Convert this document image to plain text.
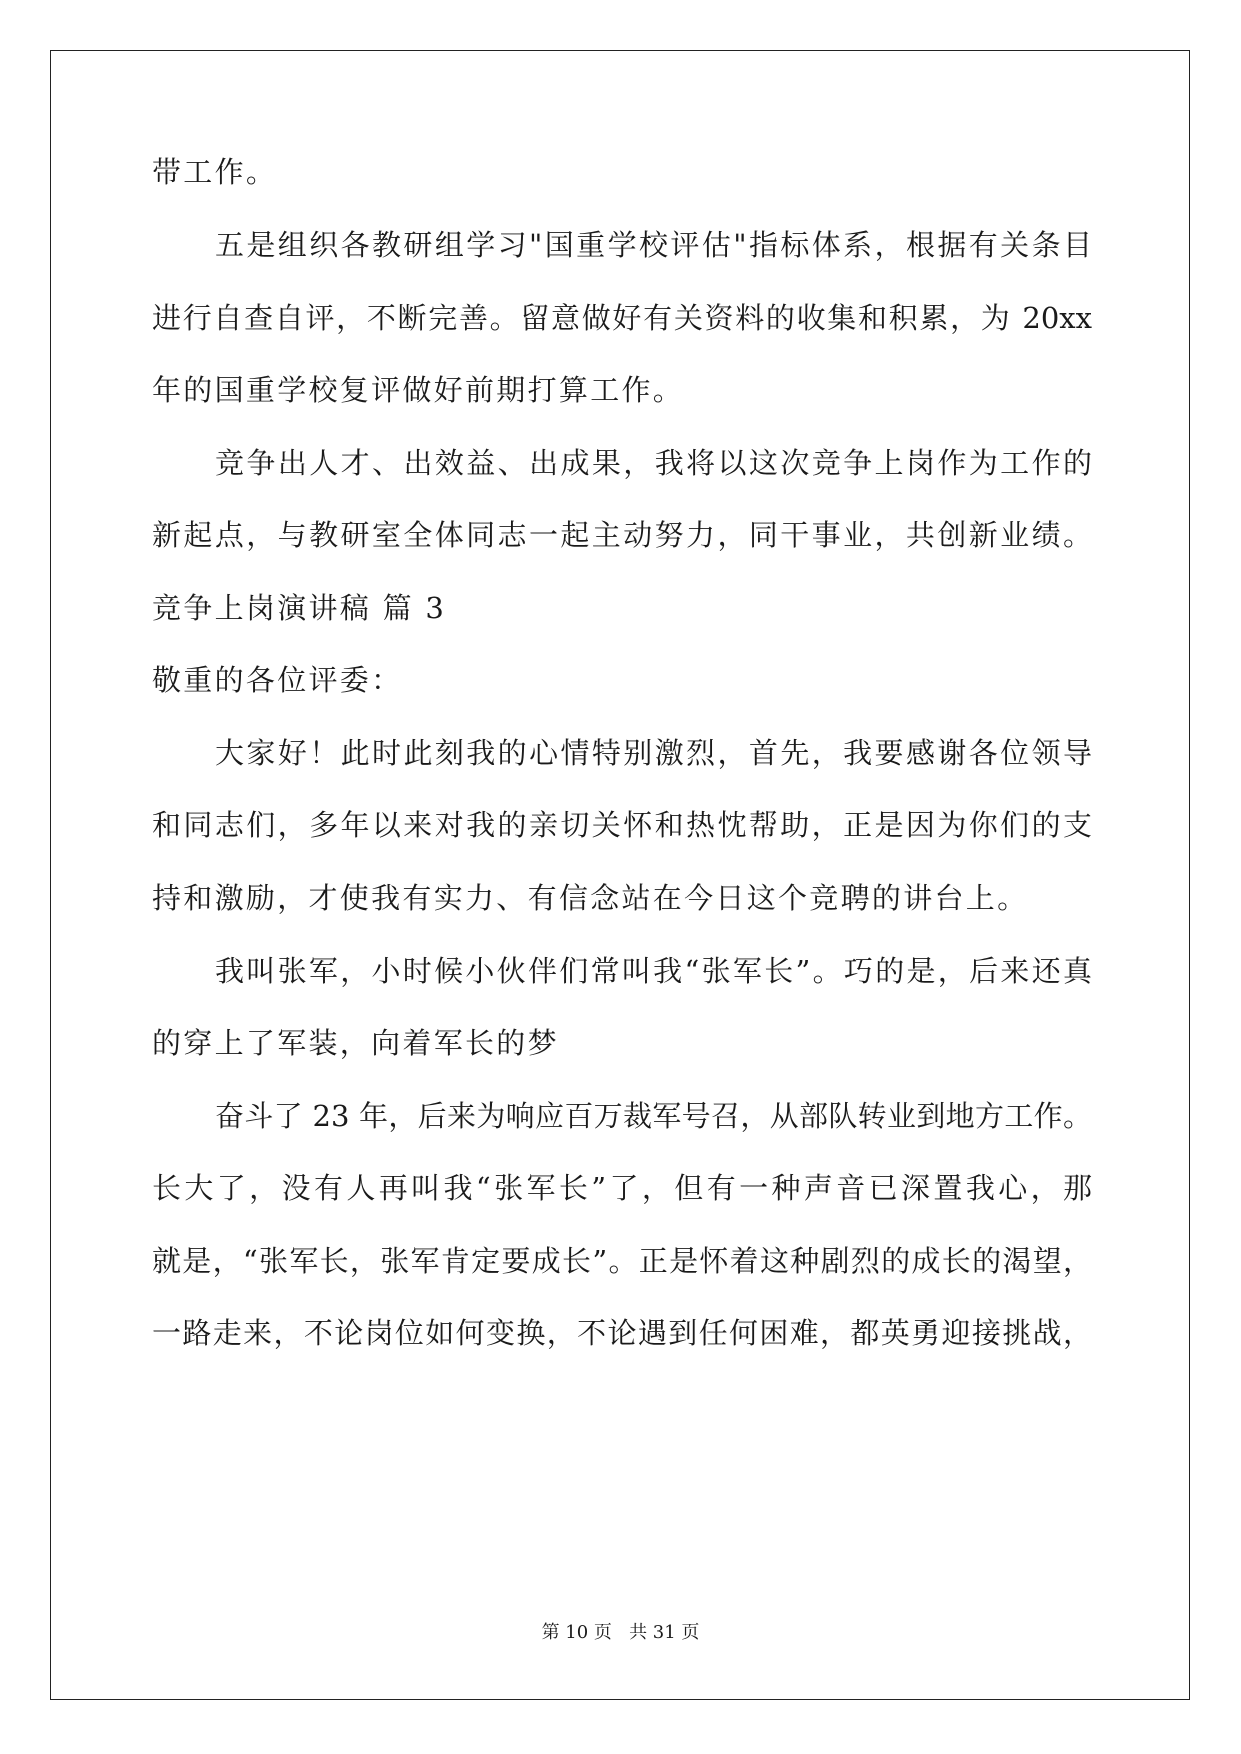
带工作。
五是组织各教研组学习"国重学校评估"指标体系，根据有关条目
进行自查自评，不断完善。留意做好有关资料的收集和积累，为 20xx
年的国重学校复评做好前期打算工作。
竞争出人才、出效益、出成果，我将以这次竞争上岗作为工作的
新起点，与教研室全体同志一起主动努力，同干事业，共创新业绩。
竞争上岗演讲稿 篇 3
敬重的各位评委：
大家好！此时此刻我的心情特别激烈，首先，我要感谢各位领导
和同志们，多年以来对我的亲切关怀和热忱帮助，正是因为你们的支
持和激励，才使我有实力、有信念站在今日这个竞聘的讲台上。
我叫张军，小时候小伙伴们常叫我“张军长”。巧的是，后来还真
的穿上了军装，向着军长的梦
奋斗了 23 年，后来为响应百万裁军号召，从部队转业到地方工作。
长大了，没有人再叫我“张军长”了，但有一种声音已深置我心，那
就是，“张军长，张军肯定要成长”。正是怀着这种剧烈的成长的渴望，
一路走来，不论岗位如何变换，不论遇到任何困难，都英勇迎接挑战，
第 10 页   共 31 页
